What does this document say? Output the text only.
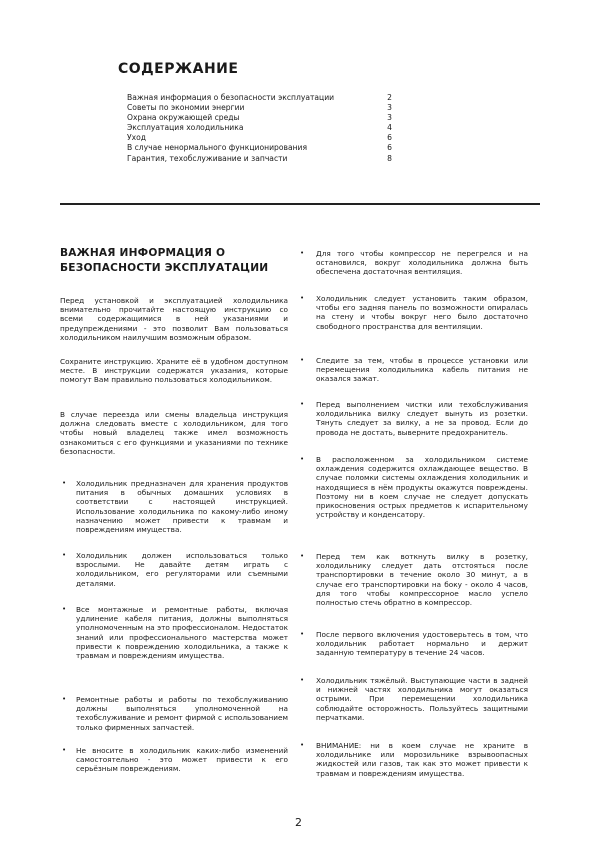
СОДЕРЖАНИЕ
Важная информация о безопасности эксплуатации	2
Советы по экономии энергии	3
Охрана окружающей среды	3
Эксплуатация холодильника	4
Уход	6
В случае ненормального функционирования	6
Гарантия, техобслуживание и запчасти	8
ВАЖНАЯ ИНФОРМАЦИЯ О БЕЗОПАСНОСТИ ЭКСПЛУАТАЦИИ

Перед установкой и эксплуатацией холодильника внимательно прочитайте настоящую инструкцию со всеми содержащимися в ней указаниями и предупреждениями - это позволит Вам пользоваться холодильником наилучшим возможным образом.

Сохраните инструкцию. Храните её в удобном доступном месте. В инструкции содержатся указания, которые помогут Вам правильно пользоваться холодильником.

В случае переезда или смены владельца инструкция должна следовать вместе с холодильником, для того чтобы новый владелец также имел возможность ознакомиться с его функциями и указаниями по технике безопасности.

• Холодильник предназначен для хранения продуктов питания в обычных домашних условиях в соответствии с настоящей инструкцией. Использование холодильника по какому-либо иному назначению может привести к травмам и повреждениям имущества.

• Холодильник должен использоваться только взрослыми. Не давайте детям играть с холодильником, его регуляторами или съемными деталями.

• Все монтажные и ремонтные работы, включая удлинение кабеля питания, должны выполняться уполномоченным на это профессионалом. Недостаток знаний или профессионального мастерства может привести к повреждению холодильника, а также к травмам и повреждениям имущества.

• Ремонтные работы и работы по техобслуживанию должны выполняться уполномоченной на техобслуживание и ремонт фирмой с использованием только фирменных запчастей.

• Не вносите в холодильник каких-либо изменений самостоятельно - это может привести к его серьёзным повреждениям.

• Для того чтобы компрессор не перегрелся и на остановился, вокруг холодильника должна быть обеспечена достаточная вентиляция.

• Холодильник следует установить таким образом, чтобы его задняя панель по возможности опиралась на стену и чтобы вокруг него было достаточно свободного пространства для вентиляции.

• Следите за тем, чтобы в процессе установки или перемещения холодильника кабель питания не оказался зажат.

• Перед выполнением чистки или техобслуживания холодильника вилку следует вынуть из розетки. Тянуть следует за вилку, а не за провод. Если до провода не достать, выверните предохранитель.

• В расположенном за холодильником системе охлаждения содержится охлаждающее вещество. В случае поломки системы охлаждения холодильник и находящиеся в нём продукты окажутся повреждены. Поэтому ни в коем случае не следует допускать прикосновения острых предметов к испарительному устройству и конденсатору.

• Перед тем как воткнуть вилку в розетку, холодильнику следует дать отстояться после транспортировки в течение около 30 минут, а в случае его транспортировки на боку - около 4 часов, для того чтобы компрессорное масло успело полностью стечь обратно в компрессор.

• После первого включения удостоверьтесь в том, что холодильник работает нормально и держит заданную температуру в течение 24 часов.

• Холодильник тяжёлый. Выступающие части в задней и нижней частях холодильника могут оказаться острыми. При перемещении холодильника соблюдайте осторожность. Пользуйтесь защитными перчатками.

• ВНИМАНИЕ: ни в коем случае не храните в холодильнике или морозильнике взрывоопасных жидкостей или газов, так как это может привести к травмам и повреждениям имущества.

2
